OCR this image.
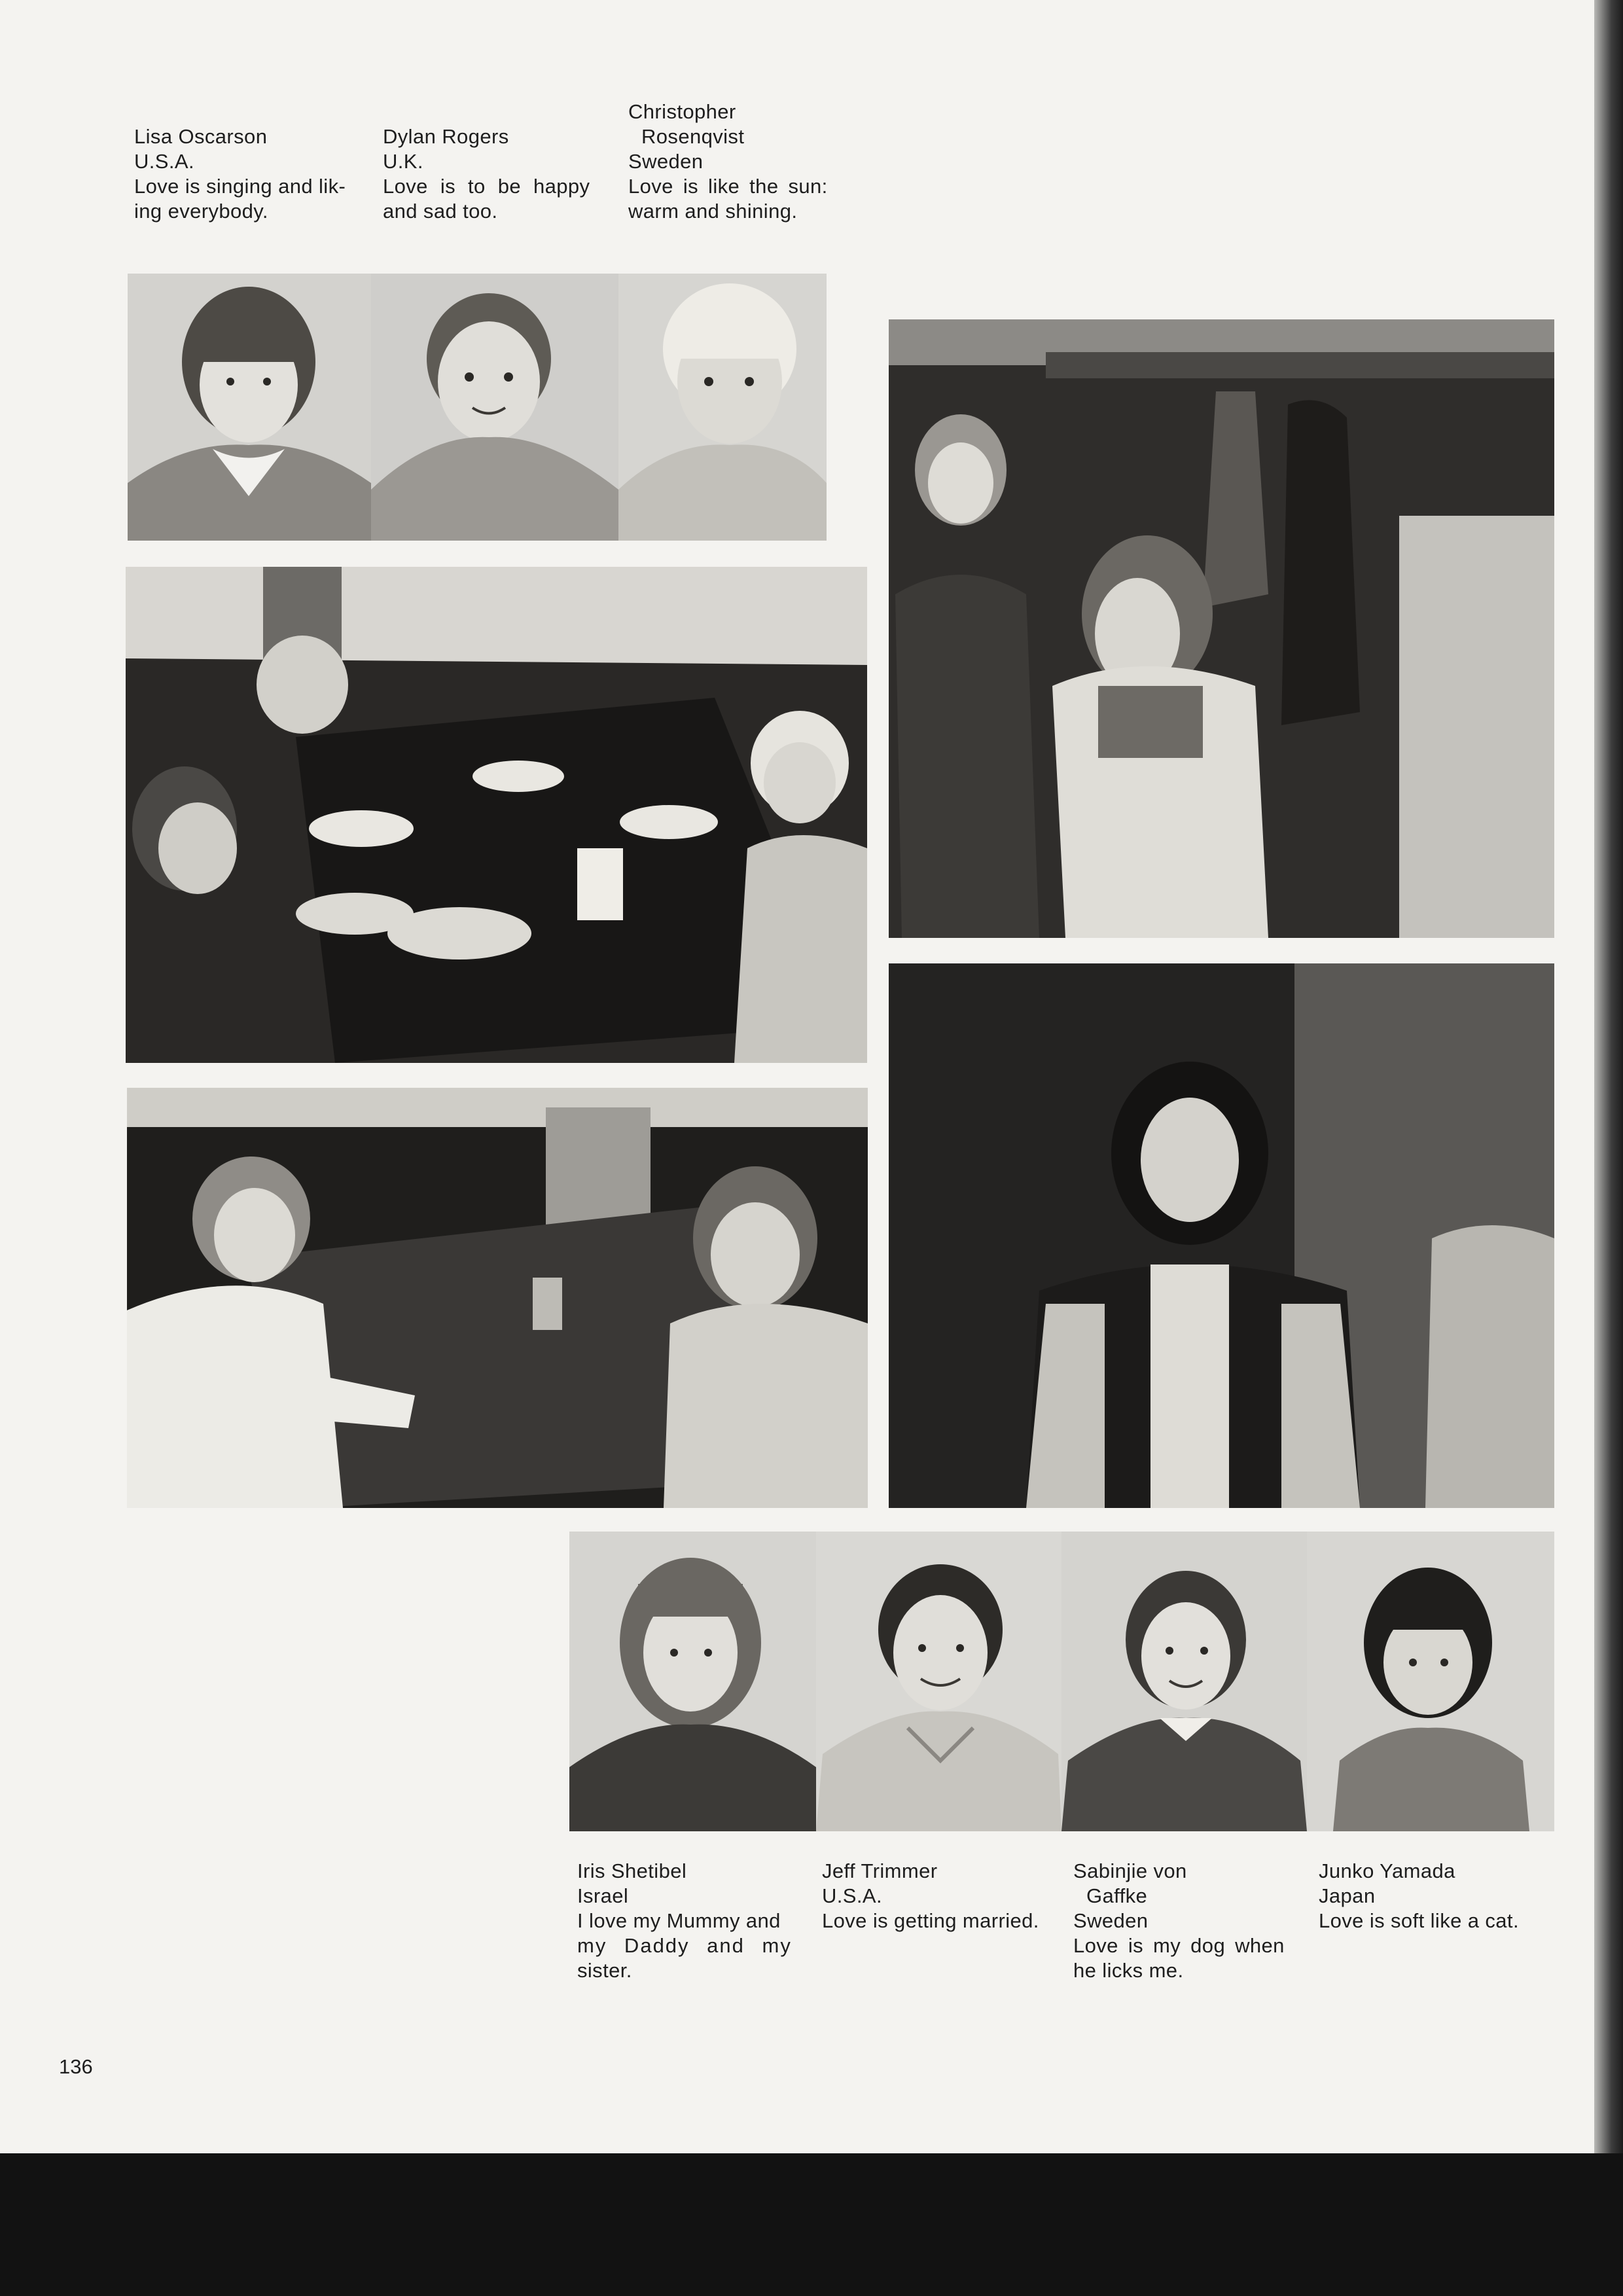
Lisa Oscarson
U.S.A.
Love is singing and lik-
ing everybody.
Dylan Rogers
U.K.
Love is to be happy
and sad too.
Christopher
Rosenqvist
Sweden
Love is like the sun:
warm and shining.
Iris Shetibel
Israel
I love my Mummy and
my Daddy and my
sister.
Jeff Trimmer
U.S.A.
Love is getting married.
Sabinjie von
Gaffke
Sweden
Love is my dog when
he licks me.
Junko Yamada
Japan
Love is soft like a cat.
136
